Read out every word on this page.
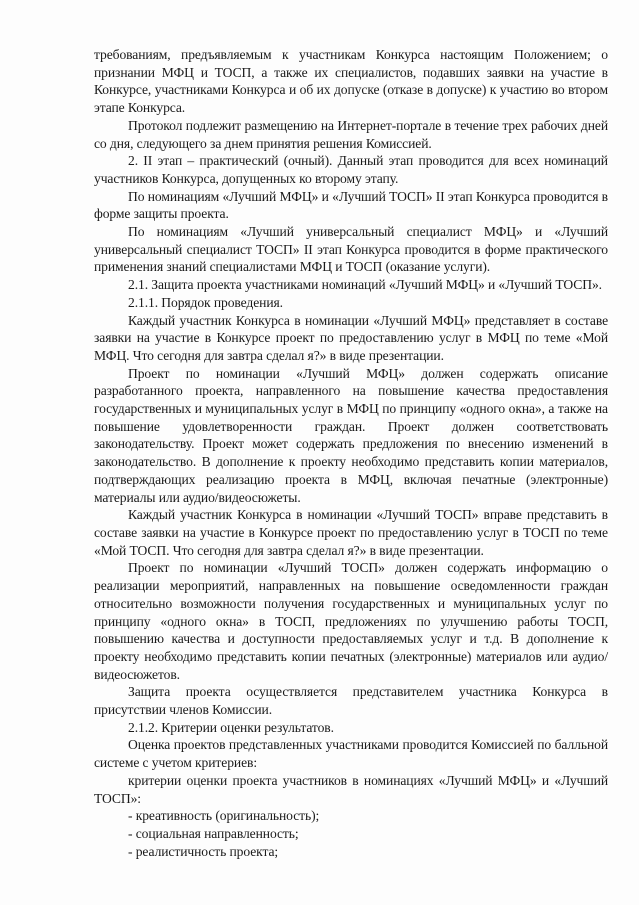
требованиям, предъявляемым к участникам Конкурса настоящим Положением; о признании МФЦ и ТОСП, а также их специалистов, подавших заявки на участие в Конкурсе, участниками Конкурса и об их допуске (отказе в допуске) к участию во втором этапе Конкурса.

Протокол подлежит размещению на Интернет-портале в течение трех рабочих дней со дня, следующего за днем принятия решения Комиссией.

2. II этап – практический (очный). Данный этап проводится для всех номинаций участников Конкурса, допущенных ко второму этапу.

По номинациям «Лучший МФЦ» и «Лучший ТОСП» II этап Конкурса проводится в форме защиты проекта.

По номинациям «Лучший универсальный специалист МФЦ» и «Лучший универсальный специалист ТОСП» II этап Конкурса проводится в форме практического применения знаний специалистами МФЦ и ТОСП (оказание услуги).

2.1. Защита проекта участниками номинаций «Лучший МФЦ» и «Лучший ТОСП».

2.1.1. Порядок проведения.

Каждый участник Конкурса в номинации «Лучший МФЦ» представляет в составе заявки на участие в Конкурсе проект по предоставлению услуг в МФЦ по теме «Мой МФЦ. Что сегодня для завтра сделал я?» в виде презентации.

Проект по номинации «Лучший МФЦ» должен содержать описание разработанного проекта, направленного на повышение качества предоставления государственных и муниципальных услуг в МФЦ по принципу «одного окна», а также на повышение удовлетворенности граждан. Проект должен соответствовать законодательству. Проект может содержать предложения по внесению изменений в законодательство. В дополнение к проекту необходимо представить копии материалов, подтверждающих реализацию проекта в МФЦ, включая печатные (электронные) материалы или аудио/видеосюжеты.

Каждый участник Конкурса в номинации «Лучший ТОСП» вправе представить в составе заявки на участие в Конкурсе проект по предоставлению услуг в ТОСП по теме «Мой ТОСП. Что сегодня для завтра сделал я?» в виде презентации.

Проект по номинации «Лучший ТОСП» должен содержать информацию о реализации мероприятий, направленных на повышение осведомленности граждан относительно возможности получения государственных и муниципальных услуг по принципу «одного окна» в ТОСП, предложениях по улучшению работы ТОСП, повышению качества и доступности предоставляемых услуг и т.д. В дополнение к проекту необходимо представить копии печатных (электронные) материалов или аудио/видеосюжетов.

Защита проекта осуществляется представителем участника Конкурса в присутствии членов Комиссии.

2.1.2. Критерии оценки результатов.

Оценка проектов представленных участниками проводится Комиссией по балльной системе с учетом критериев:

критерии оценки проекта участников в номинациях «Лучший МФЦ» и «Лучший ТОСП»:

- креативность (оригинальность);

- социальная направленность;

- реалистичность проекта;
